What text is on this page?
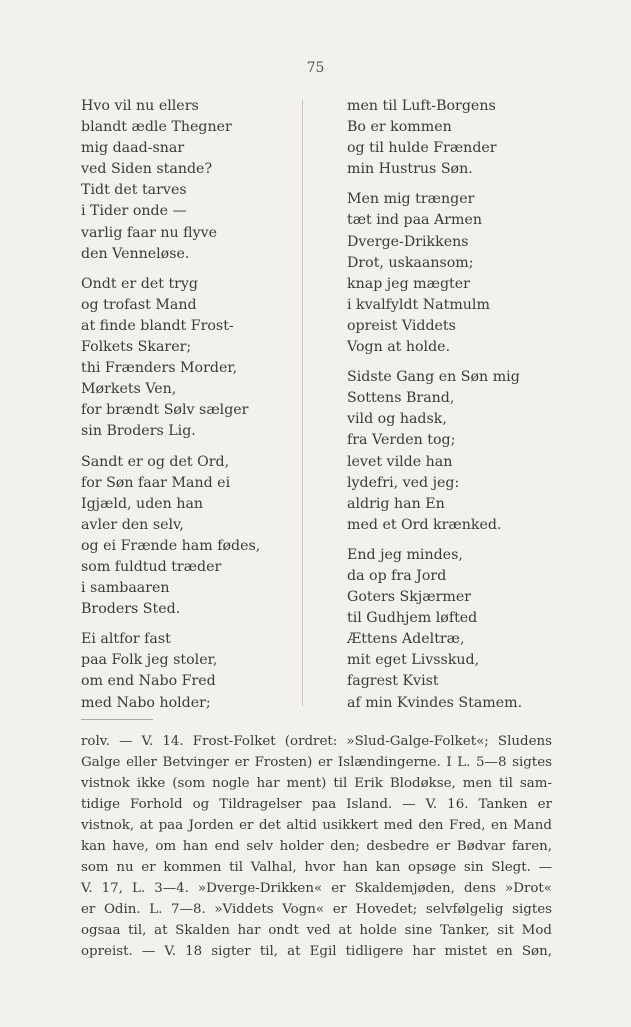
75
Hvo vil nu ellers
blandt ædle Thegner
mig daad-snar
ved Siden stande?
Tidt det tarves
i Tider onde —
varlig faar nu flyve
den Venneløse.
Ondt er det tryg
og trofast Mand
at finde blandt Frost-
Folkets Skarer;
thi Frænders Morder,
Mørkets Ven,
for brændt Sølv sælger
sin Broders Lig.
Sandt er og det Ord,
for Søn faar Mand ei
Igjæld, uden han
avler den selv,
og ei Frænde ham fødes,
som fuldtud træder
i sambaaren
Broders Sted.
Ei altfor fast
paa Folk jeg stoler,
om end Nabo Fred
med Nabo holder;
men til Luft-Borgens
Bo er kommen
og til hulde Frænder
min Hustrus Søn.
Men mig trænger
tæt ind paa Armen
Dverge-Drikkens
Drot, uskaansom;
knap jeg mægter
i kvalfyldt Natmulm
opreist Viddets
Vogn at holde.
Sidste Gang en Søn mig
Sottens Brand,
vild og hadsk,
fra Verden tog;
levet vilde han
lydefri, ved jeg:
aldrig han En
med et Ord krænked.
End jeg mindes,
da op fra Jord
Goters Skjærmer
til Gudhjem løfted
Ættens Adeltræ,
mit eget Livsskud,
fagrest Kvist
af min Kvindes Stamem.
rolv. — V. 14. Frost-Folket (ordret: »Slud-Galge-Folket«; Sludens
Galge eller Betvinger er Frosten) er Islændingerne. I L. 5—8 sigtes
vistnok ikke (som nogle har ment) til Erik Blodøkse, men til sam-
tidige Forhold og Tildragelser paa Island. — V. 16. Tanken er
vistnok, at paa Jorden er det altid usikkert med den Fred, en Mand
kan have, om han end selv holder den; desbedre er Bødvar faren,
som nu er kommen til Valhal, hvor han kan opsøge sin Slegt. —
V. 17, L. 3—4. »Dverge-Drikken« er Skaldemjøden, dens »Drot«
er Odin. L. 7—8. »Viddets Vogn« er Hovedet; selvfølgelig sigtes
ogsaa til, at Skalden har ondt ved at holde sine Tanker, sit Mod
opreist. — V. 18 sigter til, at Egil tidligere har mistet en Søn,
